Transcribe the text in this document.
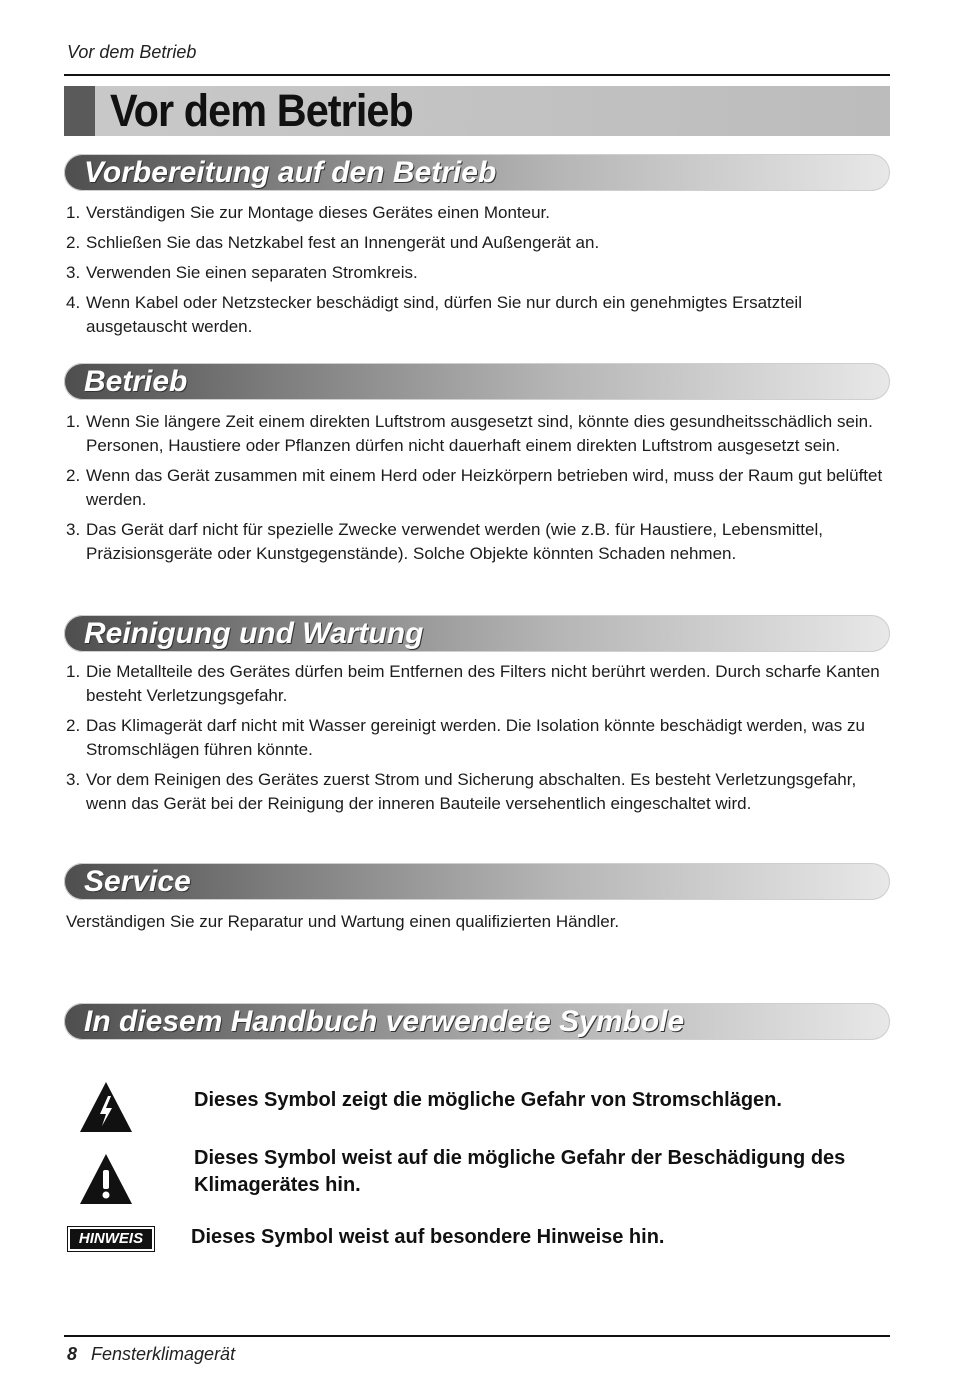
Vor dem Betrieb
Vor dem Betrieb
Vorbereitung auf den Betrieb
1. Verständigen Sie zur Montage dieses Gerätes einen Monteur.
2. Schließen Sie das Netzkabel fest an Innengerät und Außengerät an.
3. Verwenden Sie einen separaten Stromkreis.
4. Wenn Kabel oder Netzstecker beschädigt sind, dürfen Sie nur durch ein genehmigtes Ersatzteil ausgetauscht werden.
Betrieb
1. Wenn Sie längere Zeit einem direkten Luftstrom ausgesetzt sind, könnte dies gesundheitsschädlich sein. Personen, Haustiere oder Pflanzen dürfen nicht dauerhaft einem direkten Luftstrom ausgesetzt sein.
2. Wenn das Gerät zusammen mit einem Herd oder Heizkörpern betrieben wird, muss der Raum gut belüftet werden.
3. Das Gerät darf nicht für spezielle Zwecke verwendet werden (wie z.B. für Haustiere, Lebensmittel, Präzisionsgeräte oder Kunstgegenstände). Solche Objekte könnten Schaden nehmen.
Reinigung und Wartung
1. Die Metallteile des Gerätes dürfen beim Entfernen des Filters nicht berührt werden. Durch scharfe Kanten besteht Verletzungsgefahr.
2. Das Klimagerät darf nicht mit Wasser gereinigt werden. Die Isolation könnte beschädigt werden, was zu Stromschlägen führen könnte.
3. Vor dem Reinigen des Gerätes zuerst Strom und Sicherung abschalten. Es besteht Verletzungsgefahr, wenn das Gerät bei der Reinigung der inneren Bauteile versehentlich eingeschaltet wird.
Service
Verständigen Sie zur Reparatur und Wartung einen qualifizierten Händler.
In diesem Handbuch verwendete Symbole
Dieses Symbol zeigt die mögliche Gefahr von Stromschlägen.
Dieses Symbol weist auf die mögliche Gefahr der Beschädigung des Klimagerätes hin.
HINWEIS	Dieses Symbol weist auf besondere Hinweise hin.
8 Fensterklimagerät
